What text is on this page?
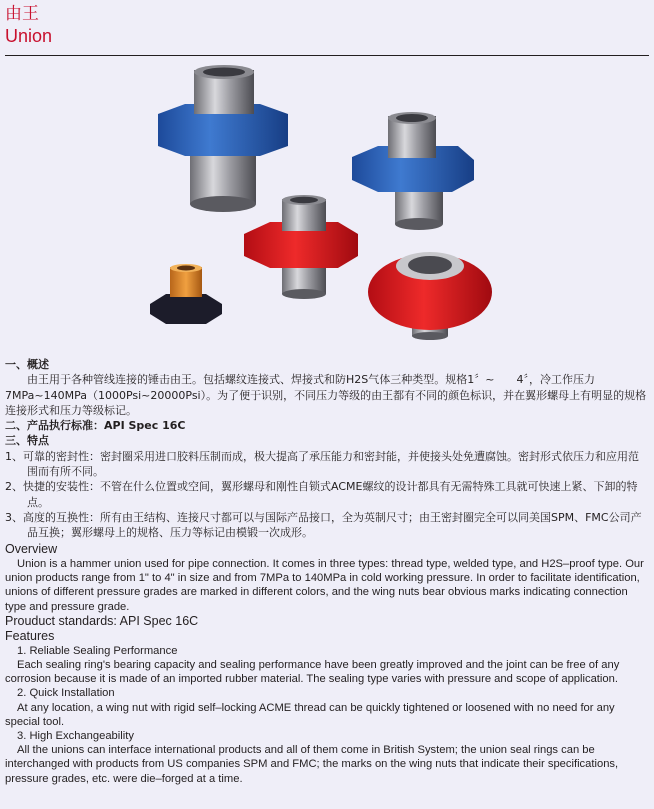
由王
Union

一、概述

由王用于各种管线连接的锤击由王。包括螺纹连接式、焊接式和防H2S气体三种类型。规格1〞~　　4〞，冷工作压力7MPa~140MPa（1000Psi~20000Psi）。为了便于识别，不同压力等级的由王都有不同的颜色标识，并在翼形螺母上有明显的规格连接形式和压力等级标记。

二、产品执行标准：API Spec 16C

三、特点

1、可靠的密封性：密封圈采用进口胶料压制而成，极大提高了承压能力和密封能，并使接头处免遭腐蚀。密封形式依压力和应用范围而有所不同。

2、快捷的安装性：不管在什么位置或空间，翼形螺母和刚性自锁式ACME螺纹的设计都具有无需特殊工具就可快速上紧、下卸的特点。

3、高度的互换性：所有由王结构、连接尺寸都可以与国际产品接口，全为英制尺寸；由王密封圈完全可以同美国SPM、FMC公司产品互换；翼形螺母上的规格、压力等标记由模锻一次成形。

Overview

Union is a hammer union used for pipe connection. It comes in three types: thread type, welded type, and H2S–proof type. Our union products range from 1" to 4" in size and from 7MPa to 140MPa in cold working pressure. In order to facilitate identification, unions of different pressure grades are marked in different colors, and the wing nuts bear obvious marks indicating connection type and pressure grade.

Prouduct standards: API Spec 16C

Features

1. Reliable Sealing Performance

Each sealing ring's bearing capacity and sealing performance have been greatly improved and the joint can be free of any corrosion because it is made of an imported rubber material. The sealing type varies with pressure and scope of application.

2. Quick Installation

At any location, a wing nut with rigid self–locking ACME thread can be quickly tightened or loosened with no need for any special tool.

3. High Exchangeability

All the unions can interface international products and all of them come in British System; the union seal rings can be interchanged with products from US companies SPM and FMC; the marks on the wing nuts that indicate their specifications, pressure grades, etc. were die–forged at a time.
